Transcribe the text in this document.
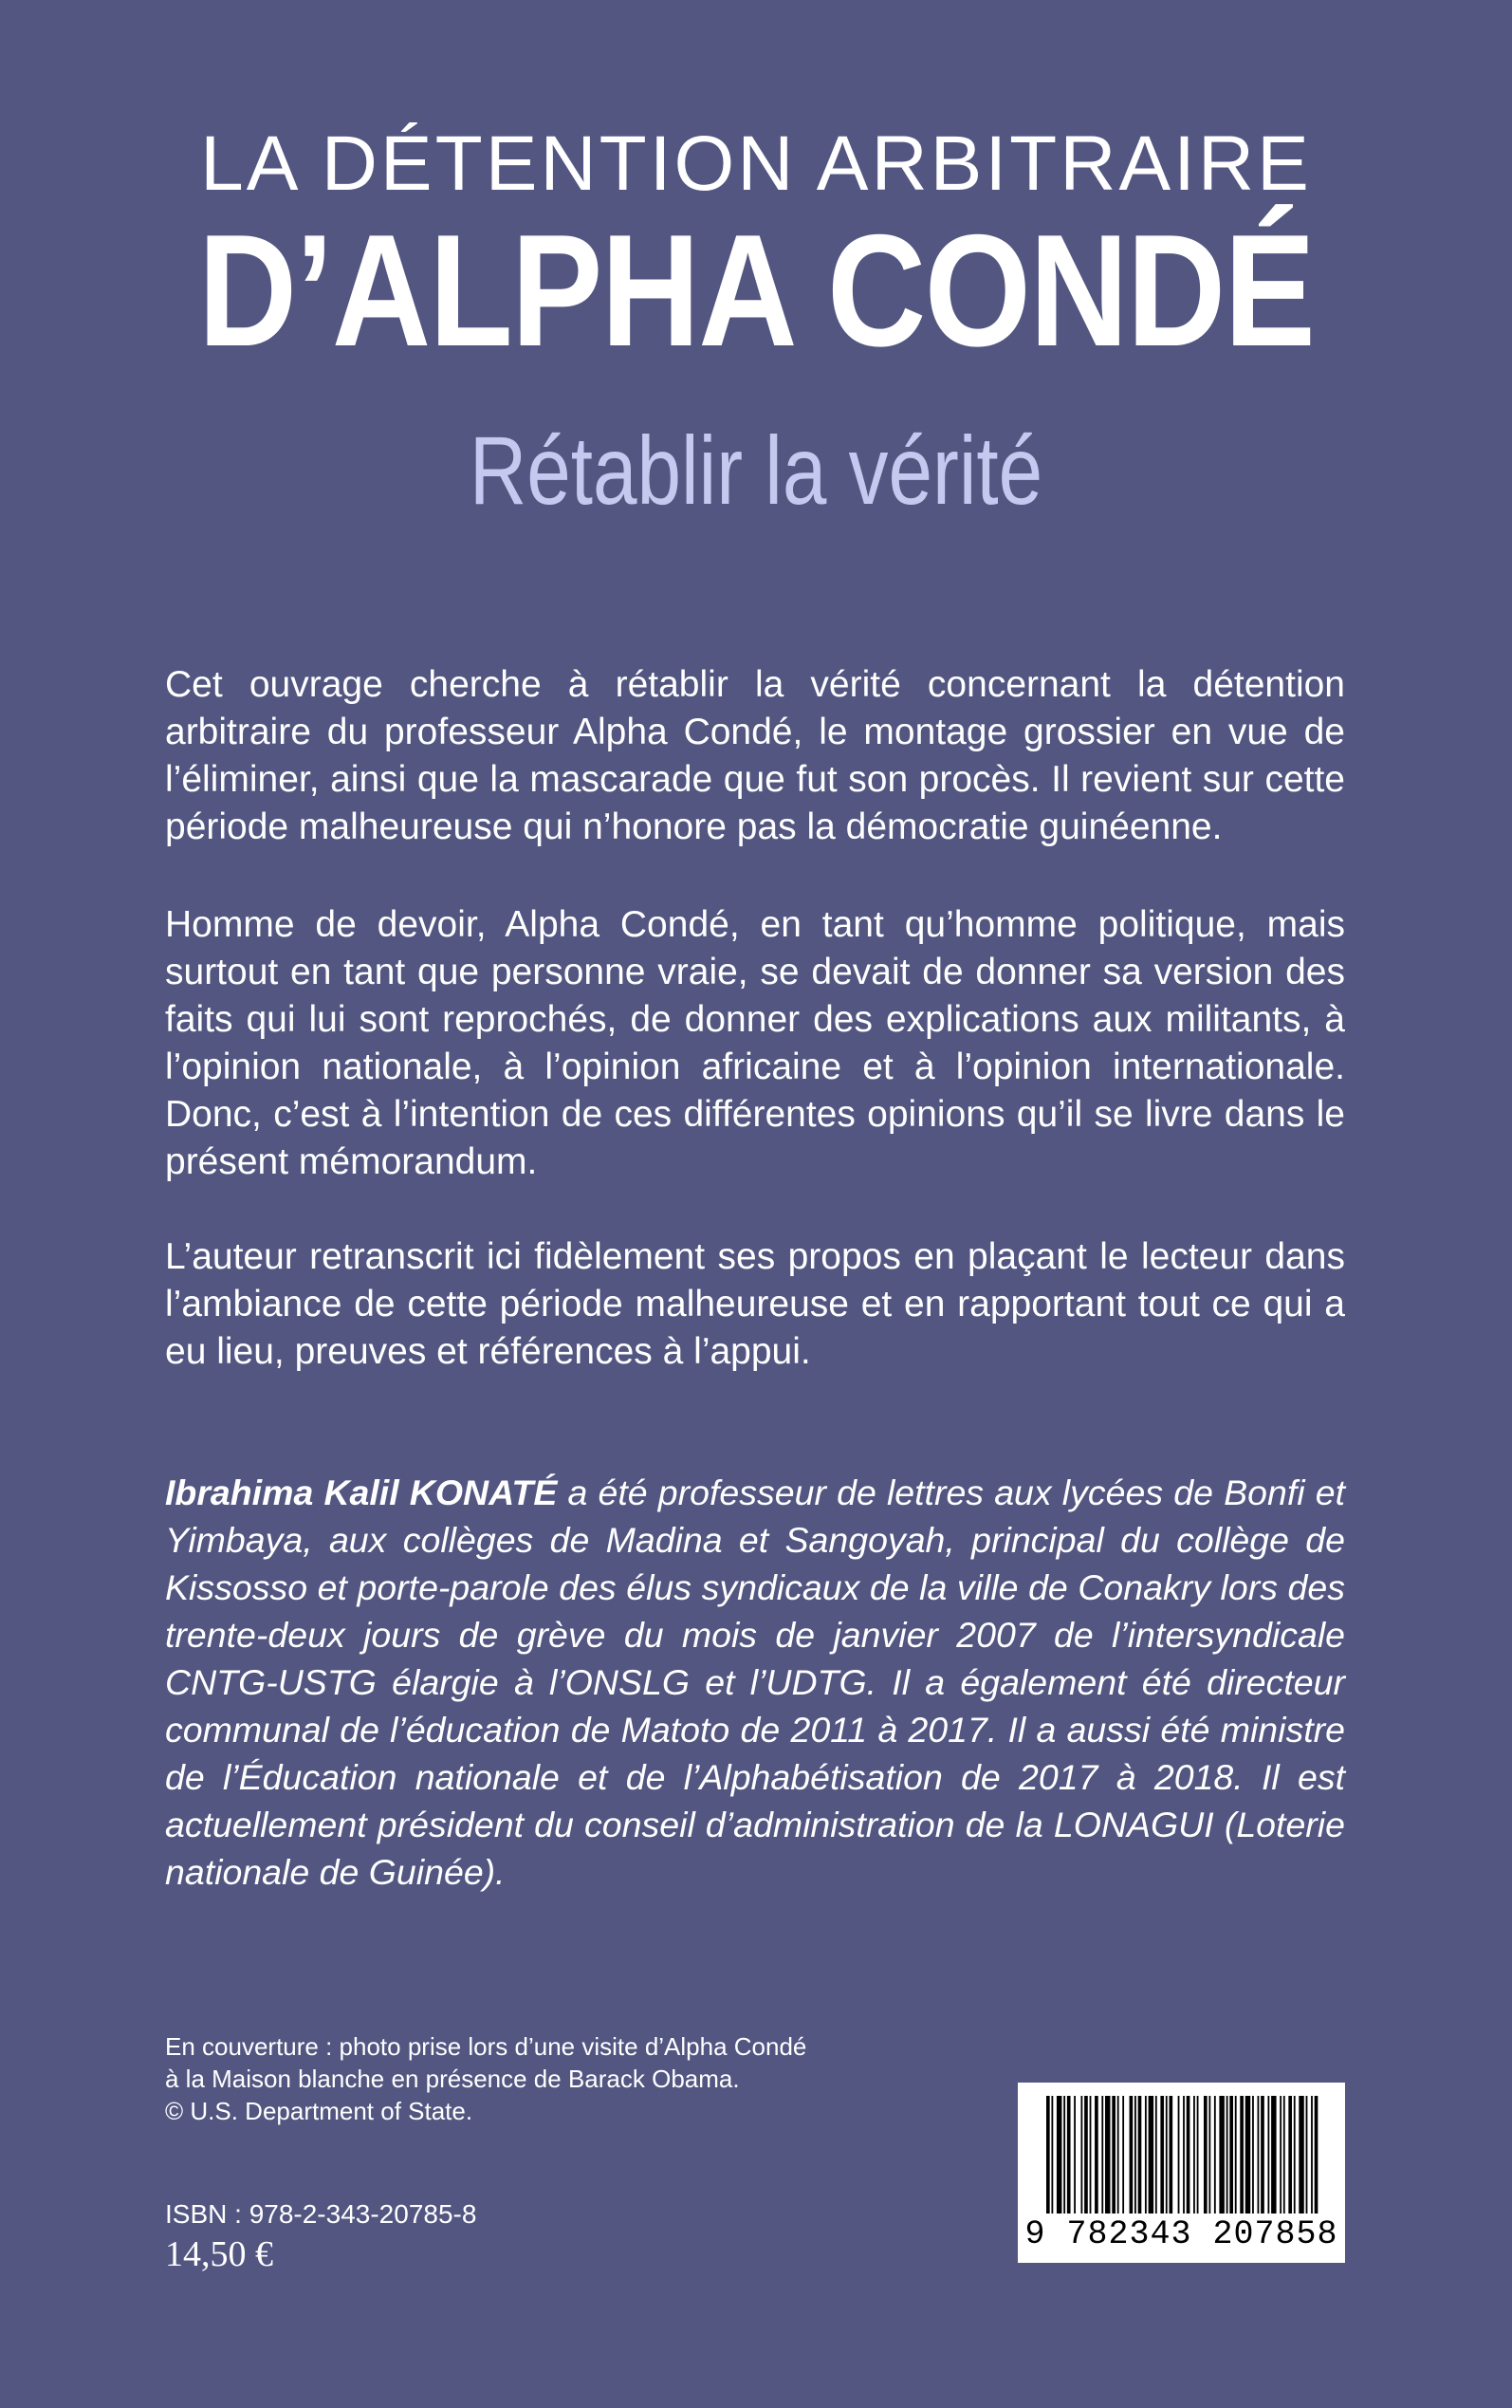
LA DÉTENTION ARBITRAIRE
D’ALPHA CONDÉ
Rétablir la vérité
Cet ouvrage cherche à rétablir la vérité concernant la détention arbitraire du professeur Alpha Condé, le montage grossier en vue de l’éliminer, ainsi que la mascarade que fut son procès. Il revient sur cette période malheureuse qui n’honore pas la démocratie guinéenne.
Homme de devoir, Alpha Condé, en tant qu’homme politique, mais surtout en tant que personne vraie, se devait de donner sa version des faits qui lui sont reprochés, de donner des explications aux militants, à l’opinion nationale, à l’opinion africaine et à l’opinion internationale. Donc, c’est à l’intention de ces différentes opinions qu’il se livre dans le présent mémorandum.
L’auteur retranscrit ici fidèlement ses propos en plaçant le lecteur dans l’ambiance de cette période malheureuse et en rapportant tout ce qui a eu lieu, preuves et références à l’appui.
Ibrahima Kalil KONATÉ a été professeur de lettres aux lycées de Bonfi et Yimbaya, aux collèges de Madina et Sangoyah, principal du collège de Kissosso et porte-parole des élus syndicaux de la ville de Conakry lors des trente-deux jours de grève du mois de janvier 2007 de l’intersyndicale CNTG-USTG élargie à l’ONSLG et l’UDTG. Il a également été directeur communal de l’éducation de Matoto de 2011 à 2017. Il a aussi été ministre de l’Éducation nationale et de l’Alphabétisation de 2017 à 2018. Il est actuellement président du conseil d’administration de la LONAGUI (Loterie nationale de Guinée).
En couverture : photo prise lors d’une visite d’Alpha Condé
à la Maison blanche en présence de Barack Obama.
© U.S. Department of State.
ISBN : 978-2-343-20785-8
14,50 €	9 782343 207858
